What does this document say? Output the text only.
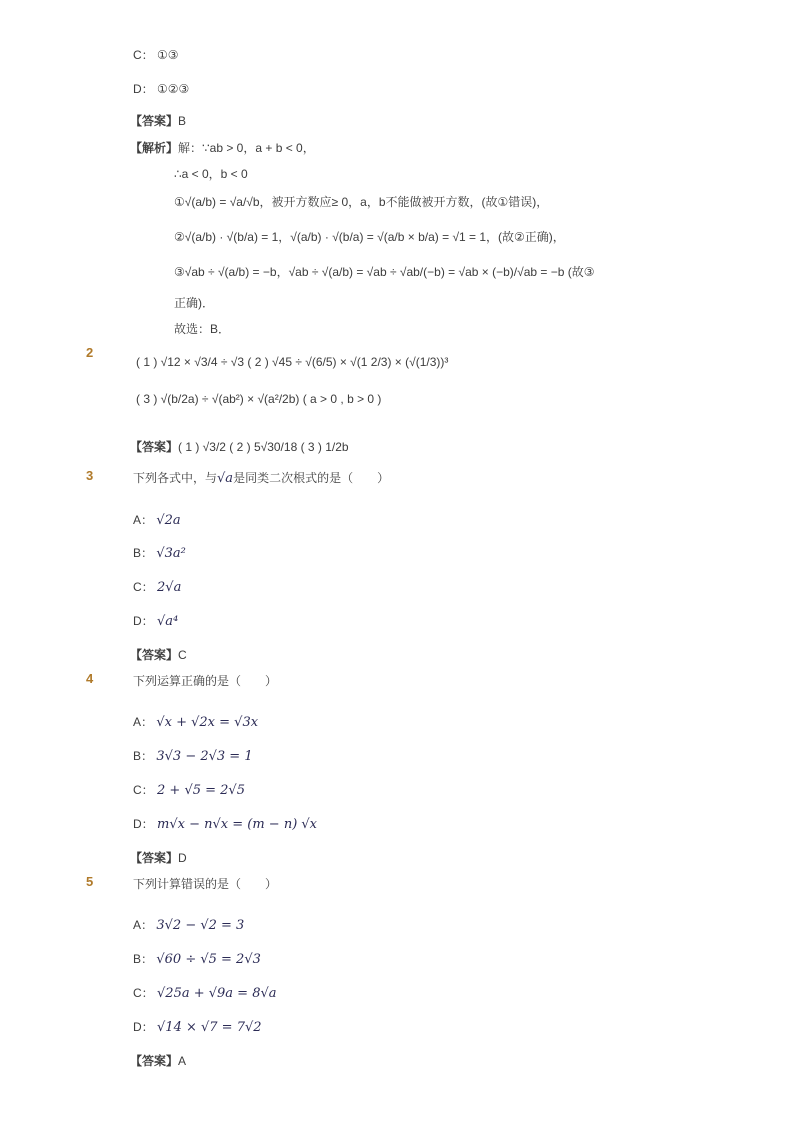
C： ①③
D： ①②③
【答案】B
【解析】解：∵ab > 0，a + b < 0，
∴a < 0，b < 0
①√(a/b) = √a/√b，被开方数应≥ 0，a，b不能做被开方数，(故①错误)，
②√(a/b) · √(b/a) = 1，√(a/b) · √(b/a) = √(a/b × b/a) = √1 = 1，(故②正确)，
③√ab ÷ √(a/b) = −b，√ab ÷ √(a/b) = √ab ÷ √ab/(−b) = √ab × (−b)/√ab = −b (故③
正确)．
故选：B．
2
( 1 ) √12 × √3/4 ÷ √3 ( 2 ) √45 ÷ √(6/5) × √(1 2/3) × (√(1/3))³
( 3 ) √(b/2a) ÷ √(ab²) × √(a²/2b) ( a > 0 , b > 0 )
【答案】( 1 ) √3/2 ( 2 ) 5√30/18 ( 3 ) 1/2b
3	下列各式中，与√a是同类二次根式的是（　　）
A： √2a
B： √3a²
C： 2√a
D： √a⁴
【答案】C
4	下列运算正确的是（　　）
A： √x + √2x = √3x
B： 3√3 − 2√3 = 1
C： 2 + √5 = 2√5
D： m√x − n√x = (m − n) √x
【答案】D
5	下列计算错误的是（　　）
A： 3√2 − √2 = 3
B： √60 ÷ √5 = 2√3
C： √25a + √9a = 8√a
D： √14 × √7 = 7√2
【答案】A
